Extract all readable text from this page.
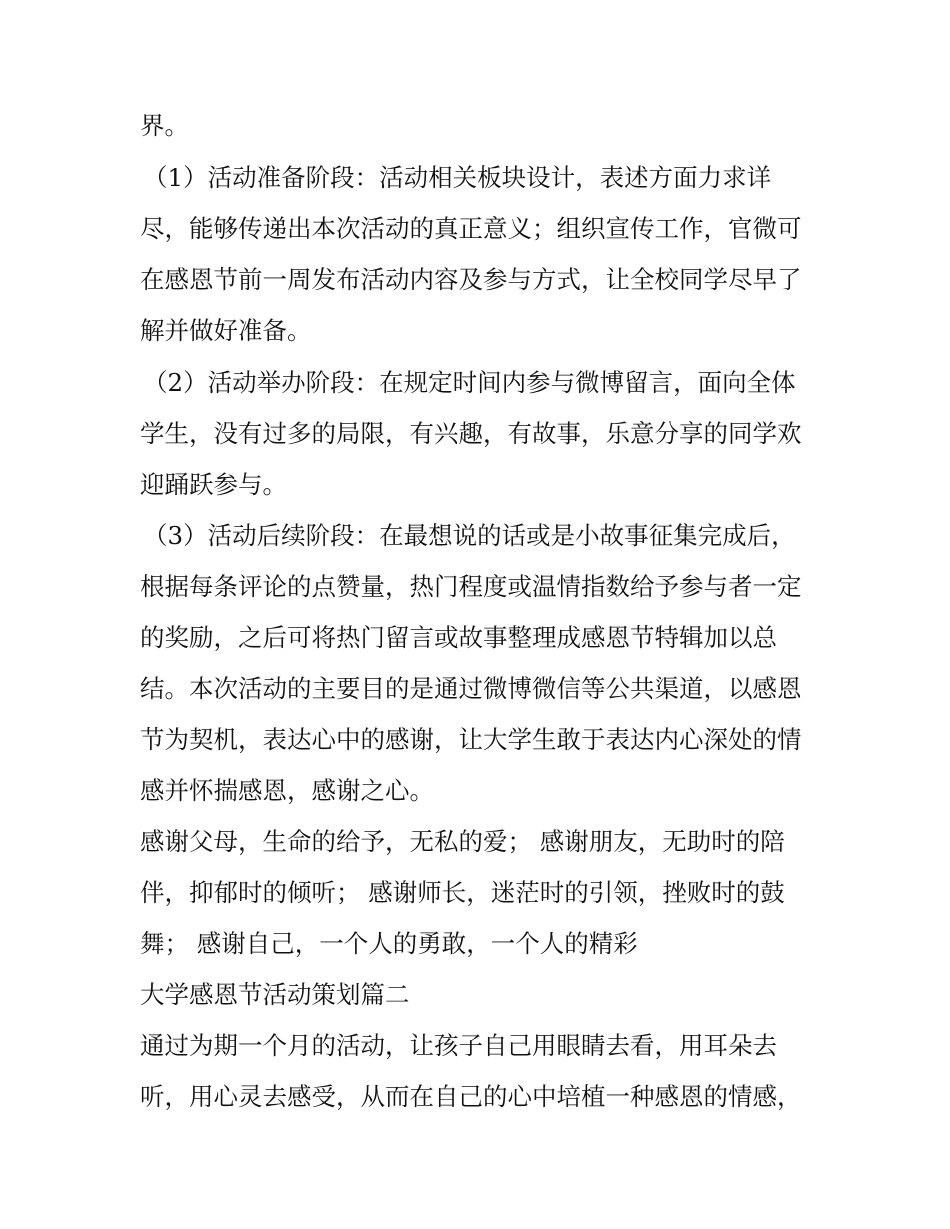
界。
（1）活动准备阶段：活动相关板块设计，表述方面力求详
尽，能够传递出本次活动的真正意义；组织宣传工作，官微可
在感恩节前一周发布活动内容及参与方式，让全校同学尽早了
解并做好准备。
（2）活动举办阶段：在规定时间内参与微博留言，面向全体
学生，没有过多的局限，有兴趣，有故事，乐意分享的同学欢
迎踊跃参与。
（3）活动后续阶段：在最想说的话或是小故事征集完成后，
根据每条评论的点赞量，热门程度或温情指数给予参与者一定
的奖励，之后可将热门留言或故事整理成感恩节特辑加以总
结。本次活动的主要目的是通过微博微信等公共渠道，以感恩
节为契机，表达心中的感谢，让大学生敢于表达内心深处的情
感并怀揣感恩，感谢之心。
感谢父母，生命的给予，无私的爱； 感谢朋友，无助时的陪
伴，抑郁时的倾听； 感谢师长，迷茫时的引领，挫败时的鼓
舞； 感谢自己，一个人的勇敢，一个人的精彩
大学感恩节活动策划篇二
通过为期一个月的活动，让孩子自己用眼睛去看，用耳朵去
听，用心灵去感受，从而在自己的心中培植一种感恩的情感，
